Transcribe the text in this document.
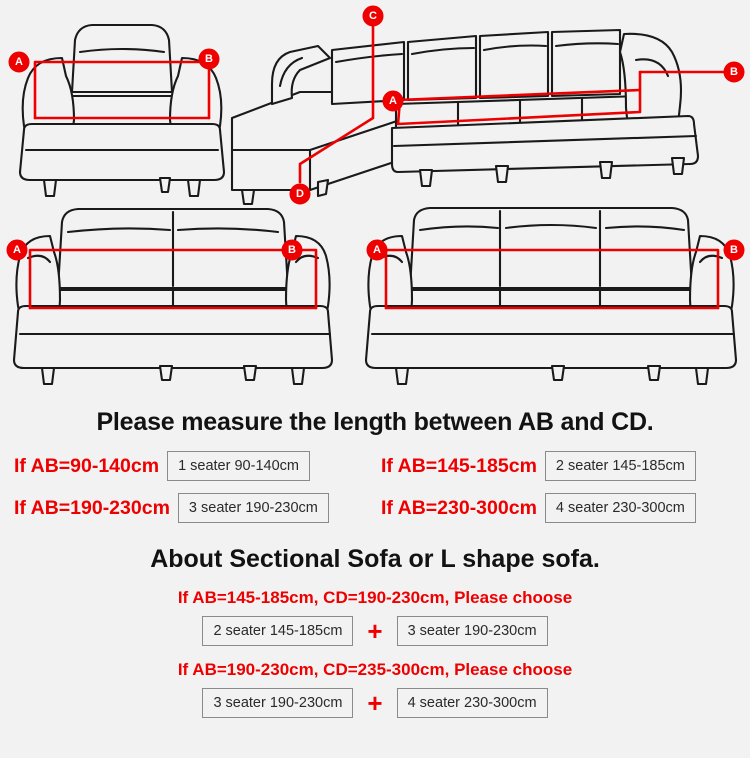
A	B
C
D
A
B
A	B	A	B
Please measure the length between AB and CD.
If AB=90-140cm	1 seater 90-140cm	If AB=145-185cm	2 seater 145-185cm
If AB=190-230cm	3 seater 190-230cm	If AB=230-300cm	4 seater 230-300cm
About Sectional Sofa or L shape sofa.
If AB=145-185cm, CD=190-230cm, Please choose
2 seater 145-185cm +	3 seater 190-230cm
If AB=190-230cm, CD=235-300cm, Please choose
3 seater 190-230cm +	4 seater 230-300cm
